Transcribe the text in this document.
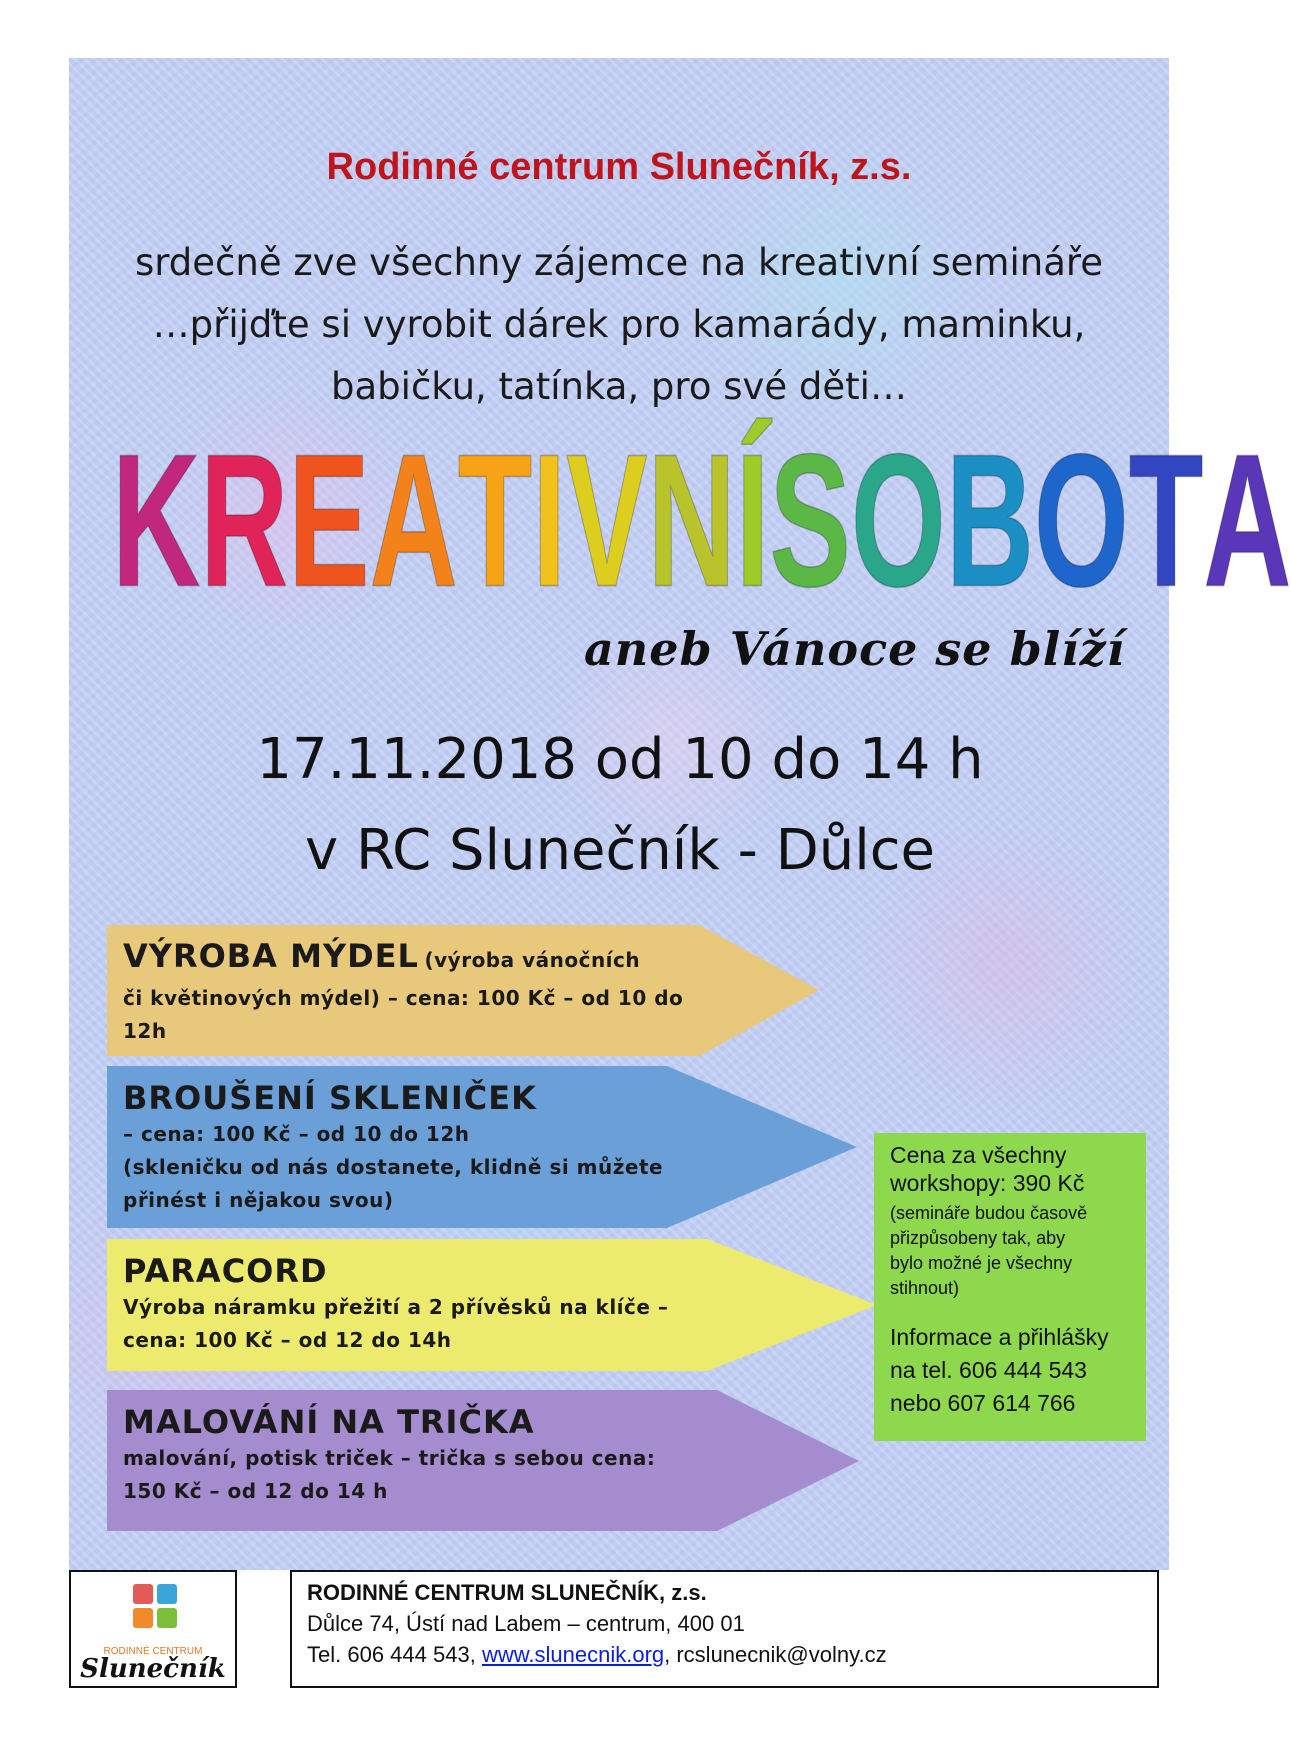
Rodinné centrum Slunečník, z.s.
srdečně zve všechny zájemce na kreativní semináře
…přijďte si vyrobit dárek pro kamarády, maminku,
babičku, tatínka, pro své děti…
K R E A T I V N Í S O B O T A
aneb Vánoce se blíží
17.11.2018 od 10 do 14 h
v RC Slunečník - Důlce
VÝROBA MÝDEL (výroba vánočních
či květinových mýdel) – cena: 100 Kč – od 10 do
12h
BROUŠENÍ SKLENIČEK
– cena: 100 Kč – od 10 do 12h
(skleničku od nás dostanete, klidně si můžete
přinést i nějakou svou)
PARACORD
Výroba náramku přežití a 2 přívěsků na klíče –
cena: 100 Kč – od 12 do 14h
MALOVÁNÍ NA TRIČKA
malování, potisk triček – trička s sebou cena:
150 Kč – od 12 do 14 h
Cena za všechny
workshopy: 390 Kč
(semináře budou časově
přizpůsobeny tak, aby
bylo možné je všechny
stihnout)
Informace a přihlášky
na tel. 606 444 543
nebo 607 614 766
RODINNÉ CENTRUM
Slunečník
RODINNÉ CENTRUM SLUNEČNÍK, z.s.
Důlce 74, Ústí nad Labem – centrum, 400 01
Tel. 606 444 543, www.slunecnik.org, rcslunecnik@volny.cz
